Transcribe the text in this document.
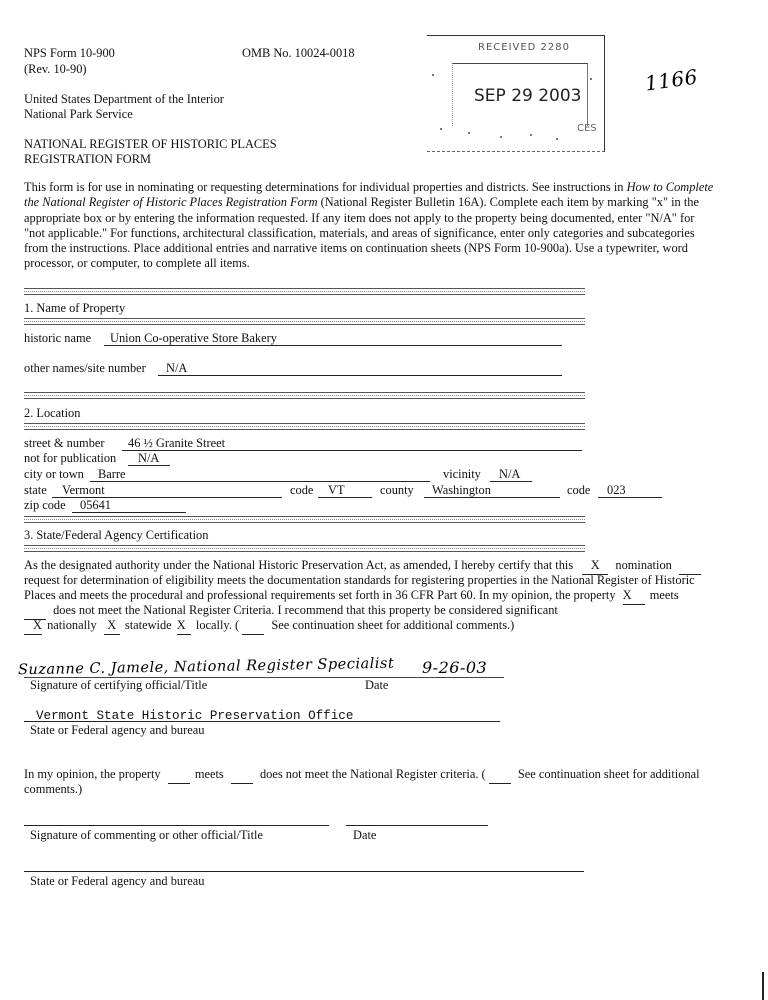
NPS Form 10-900
(Rev. 10-90)
OMB No. 10024-0018
United States Department of the Interior
National Park Service
NATIONAL REGISTER OF HISTORIC PLACES
REGISTRATION FORM
RECEIVED 2280
SEP 29 2003
CES
1166
This form is for use in nominating or requesting determinations for individual properties and districts. See instructions in How to Complete the National Register of Historic Places Registration Form (National Register Bulletin 16A). Complete each item by marking "x" in the appropriate box or by entering the information requested. If any item does not apply to the property being documented, enter "N/A" for "not applicable." For functions, architectural classification, materials, and areas of significance, enter only categories and subcategories from the instructions. Place additional entries and narrative items on continuation sheets (NPS Form 10-900a). Use a typewriter, word processor, or computer, to complete all items.
1. Name of Property
historic name Union Co-operative Store Bakery
other names/site number N/A
2. Location
street & number 46 ½ Granite Street
not for publication N/A
city or town Barre	vicinity N/A
state Vermont	code VT	county Washington	code 023
zip code 05641
3. State/Federal Agency Certification
As the designated authority under the National Historic Preservation Act, as amended, I hereby certify that this X nomination
request for determination of eligibility meets the documentation standards for registering properties in the National Register of Historic
Places and meets the procedural and professional requirements set forth in 36 CFR Part 60. In my opinion, the property X meets
does not meet the National Register Criteria. I recommend that this property be considered significant
X nationally X statewide X locally. (	See continuation sheet for additional comments.)
Suzanne C. Jamele, National Register Specialist 9-26-03
Signature of certifying official/Title	Date
Vermont State Historic Preservation Office
State or Federal agency and bureau
In my opinion, the property	meets	does not meet the National Register criteria. (	See continuation sheet for additional
comments.)
Signature of commenting or other official/Title	Date
State or Federal agency and bureau
